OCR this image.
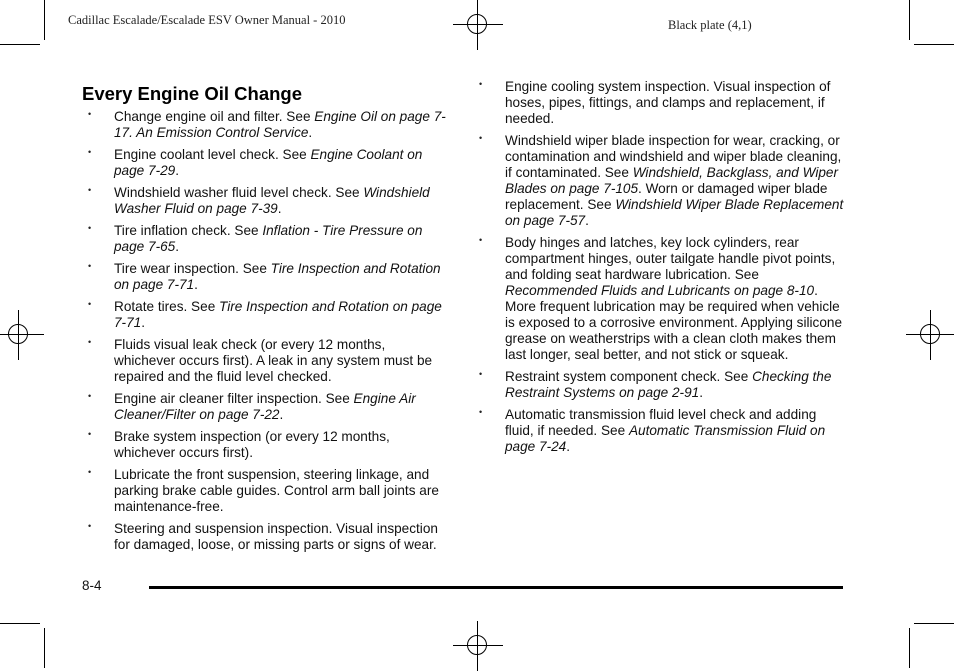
Cadillac Escalade/Escalade ESV Owner Manual - 2010	Black plate (4,1)
Every Engine Oil Change
• Change engine oil and filter. See Engine Oil on page 7-17. An Emission Control Service.
• Engine coolant level check. See Engine Coolant on page 7-29.
• Windshield washer fluid level check. See Windshield Washer Fluid on page 7-39.
• Tire inflation check. See Inflation - Tire Pressure on page 7-65.
• Tire wear inspection. See Tire Inspection and Rotation on page 7-71.
• Rotate tires. See Tire Inspection and Rotation on page 7-71.
• Fluids visual leak check (or every 12 months, whichever occurs first). A leak in any system must be repaired and the fluid level checked.
• Engine air cleaner filter inspection. See Engine Air Cleaner/Filter on page 7-22.
• Brake system inspection (or every 12 months, whichever occurs first).
• Lubricate the front suspension, steering linkage, and parking brake cable guides. Control arm ball joints are maintenance-free.
• Steering and suspension inspection. Visual inspection for damaged, loose, or missing parts or signs of wear.
• Engine cooling system inspection. Visual inspection of hoses, pipes, fittings, and clamps and replacement, if needed.
• Windshield wiper blade inspection for wear, cracking, or contamination and windshield and wiper blade cleaning, if contaminated. See Windshield, Backglass, and Wiper Blades on page 7-105. Worn or damaged wiper blade replacement. See Windshield Wiper Blade Replacement on page 7-57.
• Body hinges and latches, key lock cylinders, rear compartment hinges, outer tailgate handle pivot points, and folding seat hardware lubrication. See Recommended Fluids and Lubricants on page 8-10. More frequent lubrication may be required when vehicle is exposed to a corrosive environment. Applying silicone grease on weatherstrips with a clean cloth makes them last longer, seal better, and not stick or squeak.
• Restraint system component check. See Checking the Restraint Systems on page 2-91.
• Automatic transmission fluid level check and adding fluid, if needed. See Automatic Transmission Fluid on page 7-24.
8-4
